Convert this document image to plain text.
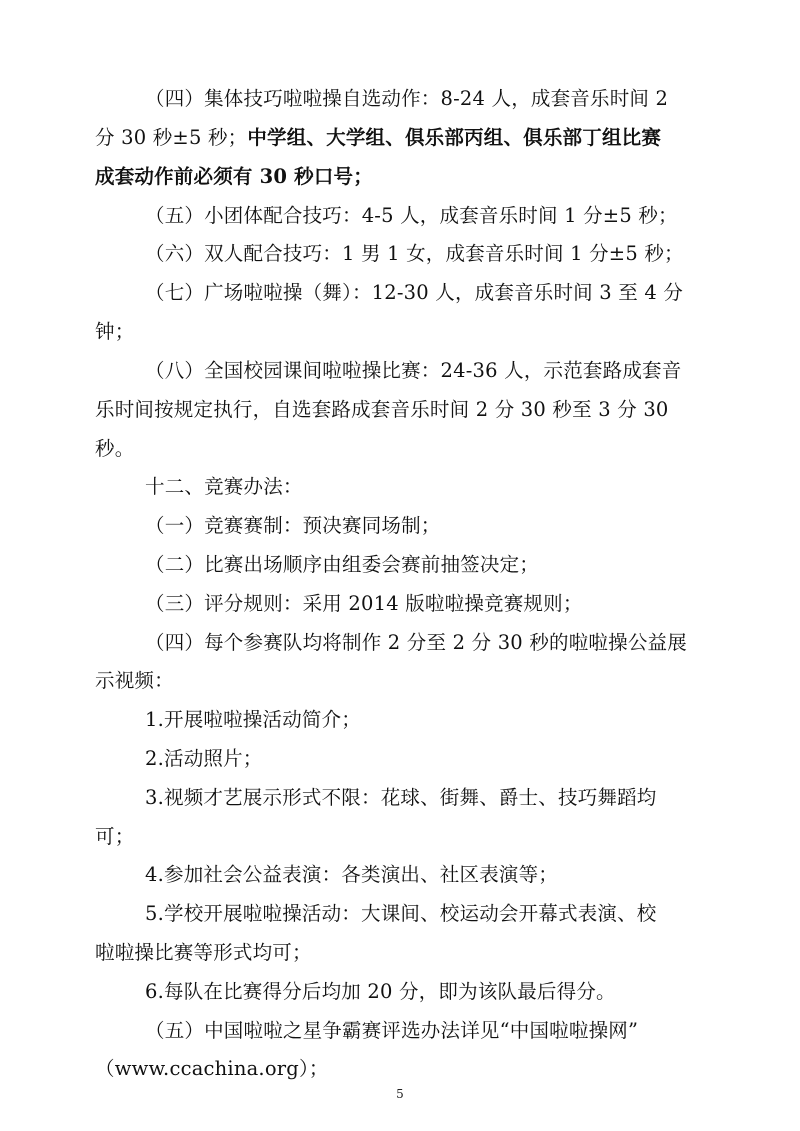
（四）集体技巧啦啦操自选动作：8-24 人，成套音乐时间 2
分 30 秒±5 秒；中学组、大学组、俱乐部丙组、俱乐部丁组比赛
成套动作前必须有 30 秒口号；
（五）小团体配合技巧：4-5 人，成套音乐时间 1 分±5 秒；
（六）双人配合技巧：1 男 1 女，成套音乐时间 1 分±5 秒；
（七）广场啦啦操（舞）：12-30 人，成套音乐时间 3 至 4 分
钟；
（八）全国校园课间啦啦操比赛：24-36 人，示范套路成套音
乐时间按规定执行，自选套路成套音乐时间 2 分 30 秒至 3 分 30
秒。
十二、竞赛办法：
（一）竞赛赛制：预决赛同场制；
（二）比赛出场顺序由组委会赛前抽签决定；
（三）评分规则：采用 2014 版啦啦操竞赛规则；
（四）每个参赛队均将制作 2 分至 2 分 30 秒的啦啦操公益展
示视频：
1.开展啦啦操活动简介；
2.活动照片；
3.视频才艺展示形式不限：花球、街舞、爵士、技巧舞蹈均
可；
4.参加社会公益表演：各类演出、社区表演等；
5.学校开展啦啦操活动：大课间、校运动会开幕式表演、校
啦啦操比赛等形式均可；
6.每队在比赛得分后均加 20 分，即为该队最后得分。
（五）中国啦啦之星争霸赛评选办法详见“中国啦啦操网”
（www.ccachina.org）；
5
